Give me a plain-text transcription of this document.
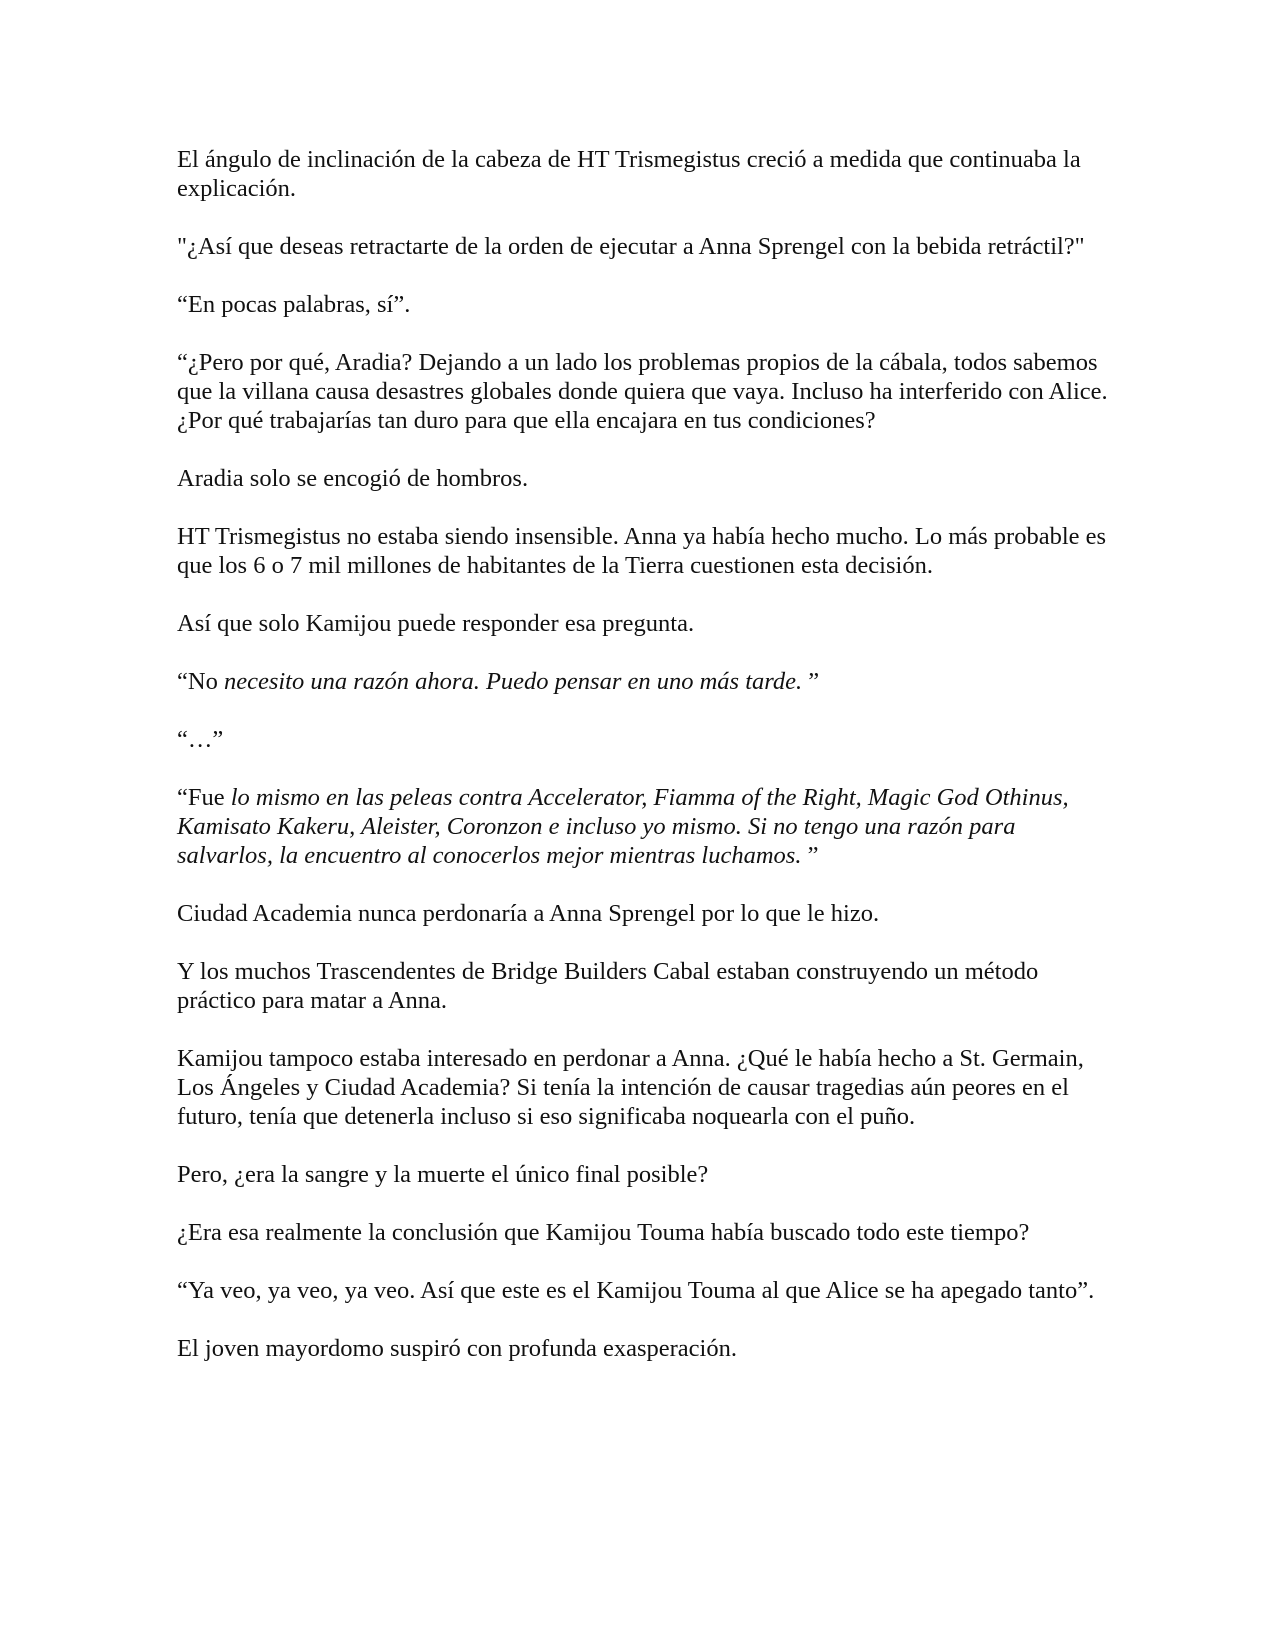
El ángulo de inclinación de la cabeza de HT Trismegistus creció a medida que continuaba la explicación.

"¿Así que deseas retractarte de la orden de ejecutar a Anna Sprengel con la bebida retráctil?"

“En pocas palabras, sí”.

“¿Pero por qué, Aradia? Dejando a un lado los problemas propios de la cábala, todos sabemos que la villana causa desastres globales donde quiera que vaya. Incluso ha interferido con Alice. ¿Por qué trabajarías tan duro para que ella encajara en tus condiciones?

Aradia solo se encogió de hombros.

HT Trismegistus no estaba siendo insensible. Anna ya había hecho mucho. Lo más probable es que los 6 o 7 mil millones de habitantes de la Tierra cuestionen esta decisión.

Así que solo Kamijou puede responder esa pregunta.

“No necesito una razón ahora. Puedo pensar en uno más tarde. ”

“…”

“Fue lo mismo en las peleas contra Accelerator, Fiamma of the Right, Magic God Othinus, Kamisato Kakeru, Aleister, Coronzon e incluso yo mismo. Si no tengo una razón para salvarlos, la encuentro al conocerlos mejor mientras luchamos. ”

Ciudad Academia nunca perdonaría a Anna Sprengel por lo que le hizo.

Y los muchos Trascendentes de Bridge Builders Cabal estaban construyendo un método práctico para matar a Anna.

Kamijou tampoco estaba interesado en perdonar a Anna. ¿Qué le había hecho a St. Germain, Los Ángeles y Ciudad Academia? Si tenía la intención de causar tragedias aún peores en el futuro, tenía que detenerla incluso si eso significaba noquearla con el puño.

Pero, ¿era la sangre y la muerte el único final posible?

¿Era esa realmente la conclusión que Kamijou Touma había buscado todo este tiempo?

“Ya veo, ya veo, ya veo. Así que este es el Kamijou Touma al que Alice se ha apegado tanto”.

El joven mayordomo suspiró con profunda exasperación.
